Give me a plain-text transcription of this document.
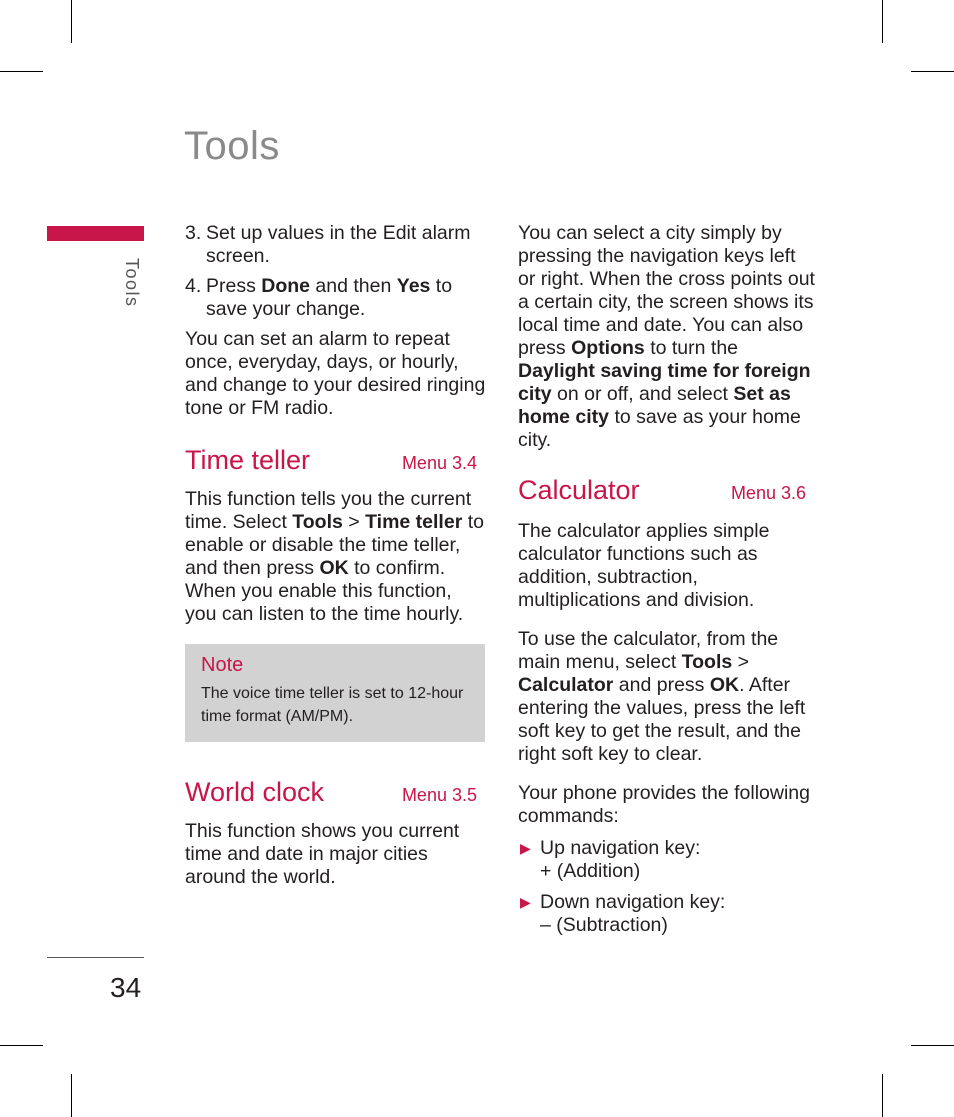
Tools
Tools
34
3. Set up values in the Edit alarm screen.
4. Press Done and then Yes to save your change.

You can set an alarm to repeat once, everyday, days, or hourly, and change to your desired ringing tone or FM radio.

Time teller	Menu 3.4

This function tells you the current time. Select Tools > Time teller to enable or disable the time teller, and then press OK to confirm. When you enable this function, you can listen to the time hourly.

Note
The voice time teller is set to 12-hour time format (AM/PM).
World clock	Menu 3.5

This function shows you current time and date in major cities around the world.

You can select a city simply by pressing the navigation keys left or right. When the cross points out a certain city, the screen shows its local time and date. You can also press Options to turn the Daylight saving time for foreign city on or off, and select Set as home city to save as your home city.

Calculator	Menu 3.6

The calculator applies simple calculator functions such as addition, subtraction, multiplications and division.

To use the calculator, from the main menu, select Tools > Calculator and press OK. After entering the values, press the left soft key to get the result, and the right soft key to clear.

Your phone provides the following commands:

▶ Up navigation key:
+ (Addition)
▶ Down navigation key:
– (Subtraction)
